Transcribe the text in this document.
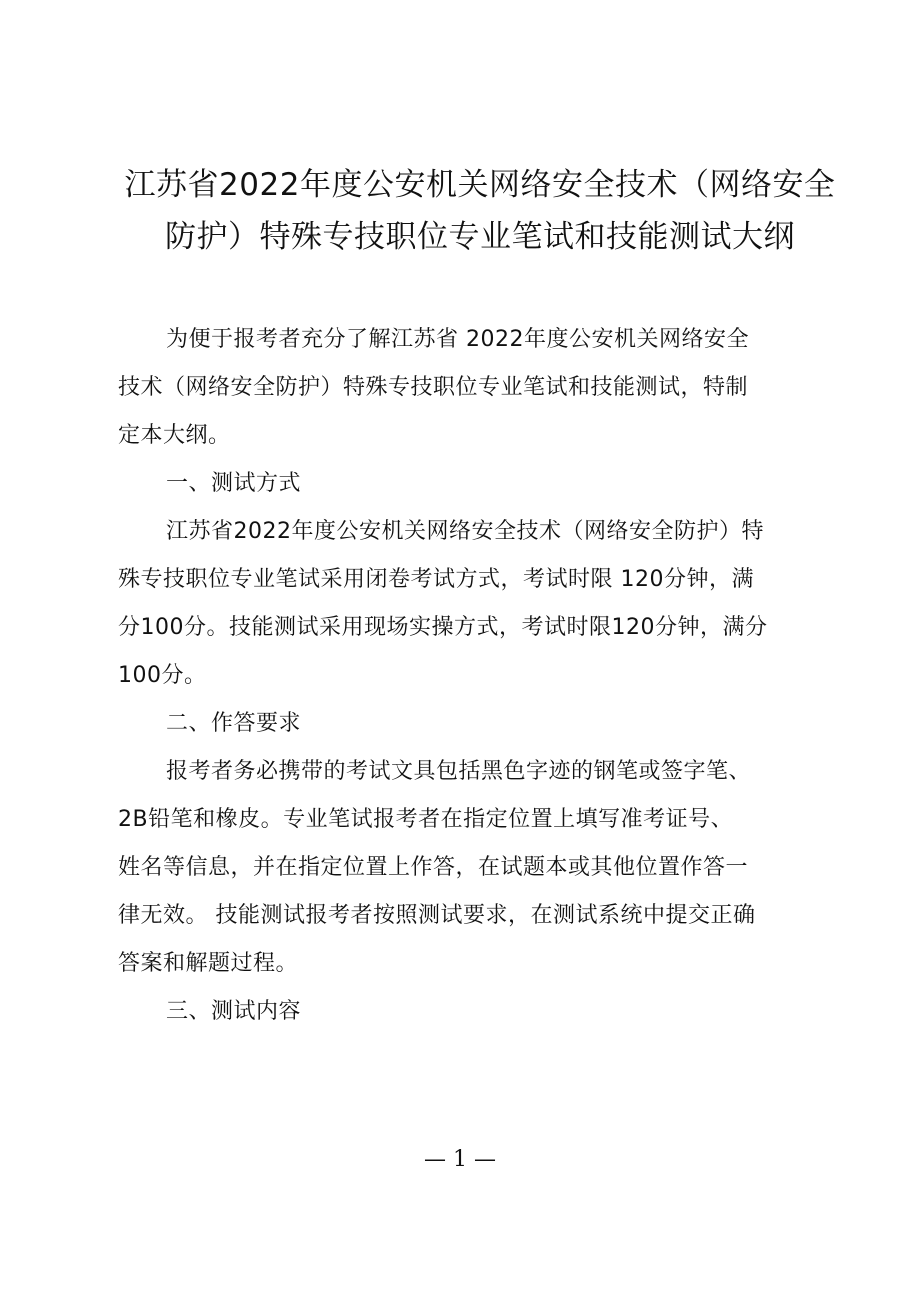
江苏省2022年度公安机关网络安全技术（网络安全
防护）特殊专技职位专业笔试和技能测试大纲

为便于报考者充分了解江苏省 2022年度公安机关网络安全
技术（网络安全防护）特殊专技职位专业笔试和技能测试，特制
定本大纲。

一、测试方式

江苏省2022年度公安机关网络安全技术（网络安全防护）特
殊专技职位专业笔试采用闭卷考试方式，考试时限 120分钟，满
分100分。技能测试采用现场实操方式，考试时限120分钟，满分
100分。

二、作答要求

报考者务必携带的考试文具包括黑色字迹的钢笔或签字笔、
2B铅笔和橡皮。专业笔试报考者在指定位置上填写准考证号、
姓名等信息，并在指定位置上作答，在试题本或其他位置作答一
律无效。 技能测试报考者按照测试要求，在测试系统中提交正确
答案和解题过程。

三、测试内容

— 1 —
